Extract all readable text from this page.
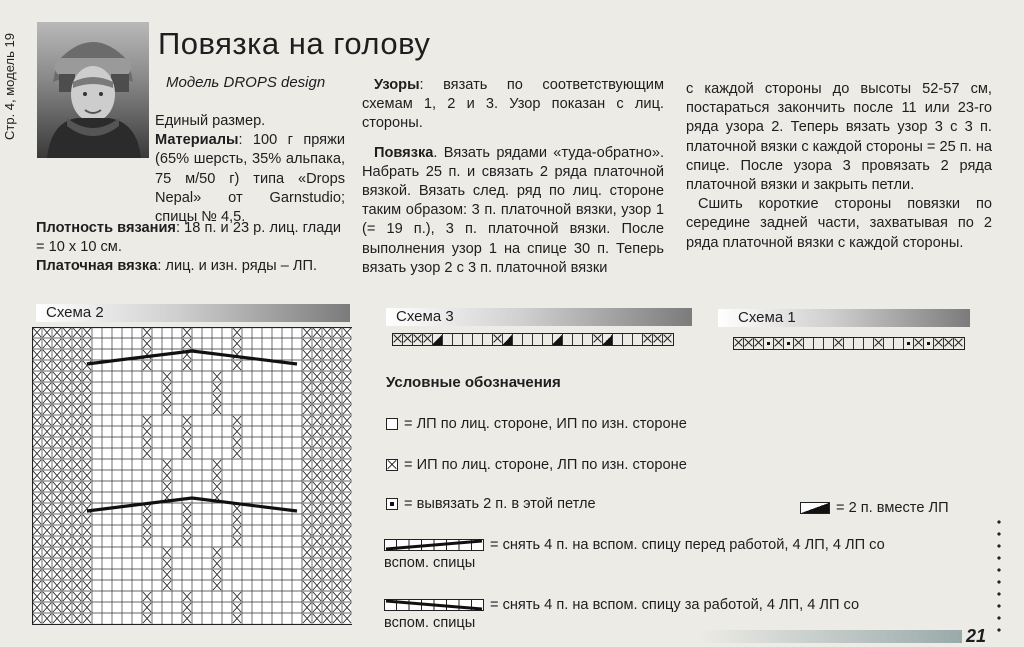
Стр. 4, модель 19	Повязка на голову
Модель DROPS design

Единый размер.

Материалы: 100 г пряжи (65% шерсть, 35% альпака, 75 м/50 г) типа «Drops Nepal» от Garnstudio; спицы № 4,5.

Плотность вязания: 18 п. и 23 р. лиц. глади = 10 х 10 см.

Платочная вязка: лиц. и изн. ряды – ЛП.

Узоры: вязать по соответствующим схемам 1, 2 и 3. Узор показан с лиц. стороны.

Повязка. Вязать рядами «туда-обратно». Набрать 25 п. и связать 2 ряда платочной вязкой. Вязать след. ряд по лиц. стороне таким образом: 3 п. платочной вязки, узор 1 (= 19 п.), 3 п. платочной вязки. После выполнения узор 1 на спице 30 п. Теперь вязать узор 2 с 3 п. платочной вязки

с каждой стороны до высоты 52-57 см, постараться закончить после 11 или 23-го ряда узора 2. Теперь вязать узор 3 с 3 п. платочной вязки с каждой стороны = 25 п. на спице. После узора 3 провязать 2 ряда платочной вязки и закрыть петли.

Сшить короткие стороны повязки по середине задней части, захватывая по 2 ряда платочной вязки с каждой стороны.

Схема 2	Схема 3	Схема 1
Условные обозначения
= ЛП по лиц. стороне, ИП по изн. стороне
= ИП по лиц. стороне, ЛП по изн. стороне
= вывязать 2 п. в этой петле	= 2 п. вместе ЛП
= снять 4 п. на вспом. спицу перед работой, 4 ЛП, 4 ЛП со
вспом. спицы
= снять 4 п. на вспом. спицу за работой, 4 ЛП, 4 ЛП со
вспом. спицы
21
